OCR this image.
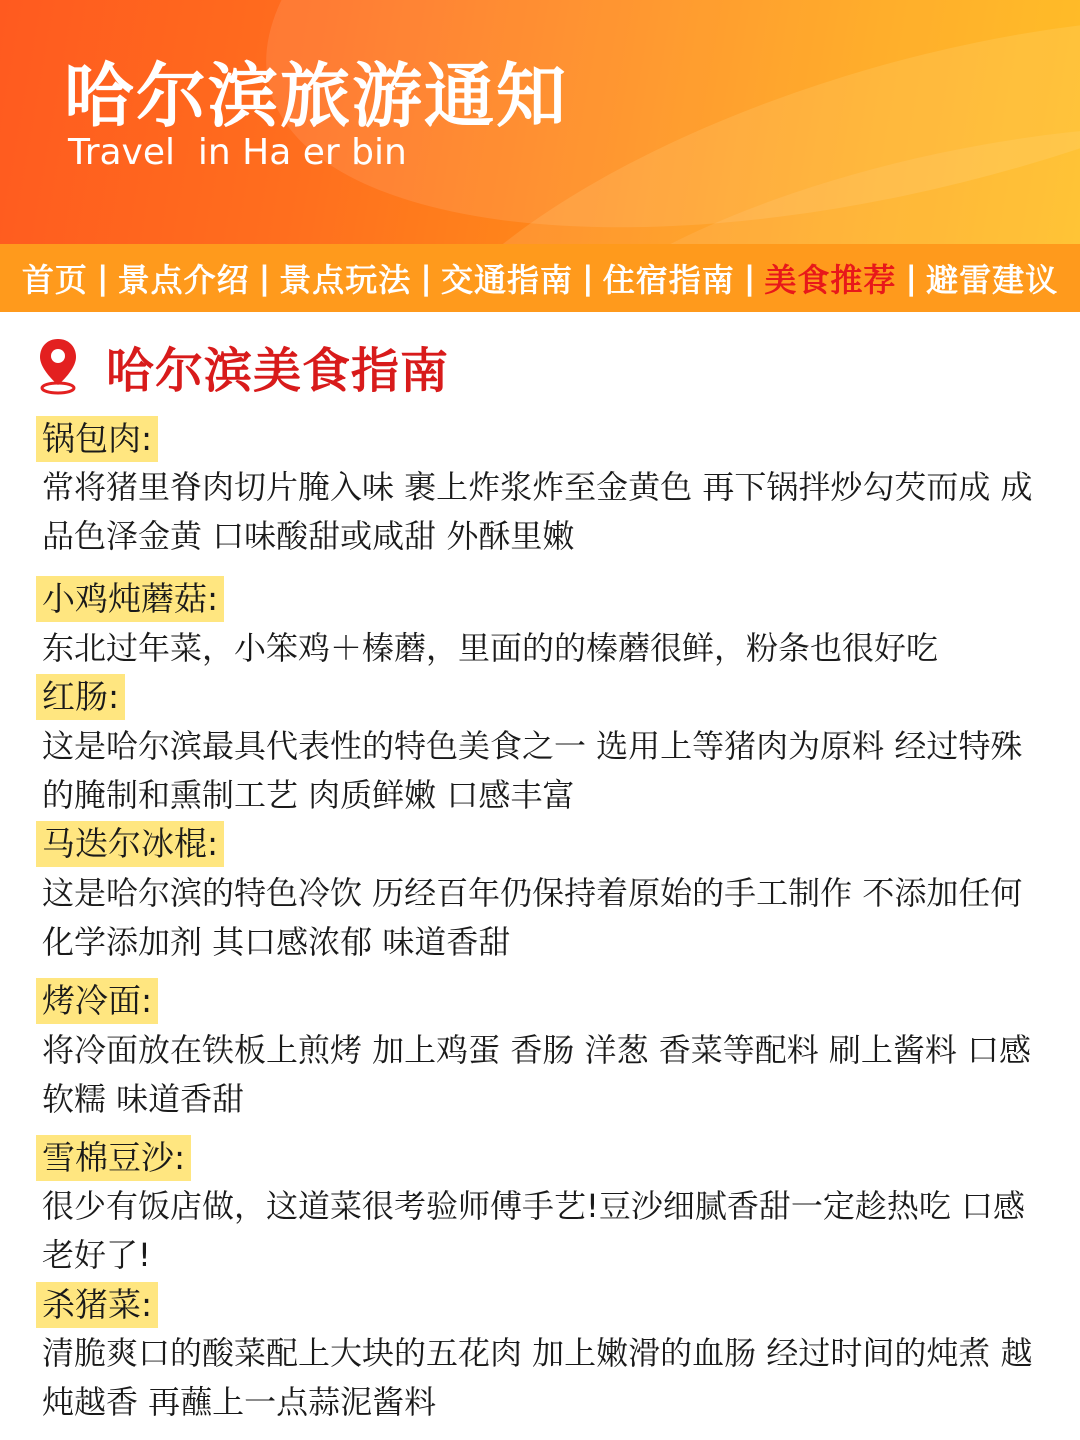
哈尔滨旅游通知
Travel  in Ha er bin
首页 | 景点介绍 | 景点玩法 | 交通指南 | 住宿指南 | 美食推荐 | 避雷建议
哈尔滨美食指南
锅包肉:

常将猪里脊肉切片腌入味 裹上炸浆炸至金黄色 再下锅拌炒勾芡而成 成品色泽金黄 口味酸甜或咸甜 外酥里嫩

小鸡炖蘑菇:

东北过年菜，小笨鸡＋榛蘑，里面的的榛蘑很鲜，粉条也很好吃

红肠:

这是哈尔滨最具代表性的特色美食之一 选用上等猪肉为原料 经过特殊的腌制和熏制工艺 肉质鲜嫩 口感丰富

马迭尔冰棍:

这是哈尔滨的特色冷饮 历经百年仍保持着原始的手工制作 不添加任何化学添加剂 其口感浓郁 味道香甜

烤冷面:

将冷面放在铁板上煎烤 加上鸡蛋 香肠 洋葱 香菜等配料 刷上酱料 口感软糯 味道香甜

雪棉豆沙:

很少有饭店做，这道菜很考验师傅手艺!豆沙细腻香甜一定趁热吃 口感老好了!

杀猪菜:

清脆爽口的酸菜配上大块的五花肉 加上嫩滑的血肠 经过时间的炖煮 越炖越香 再蘸上一点蒜泥酱料
